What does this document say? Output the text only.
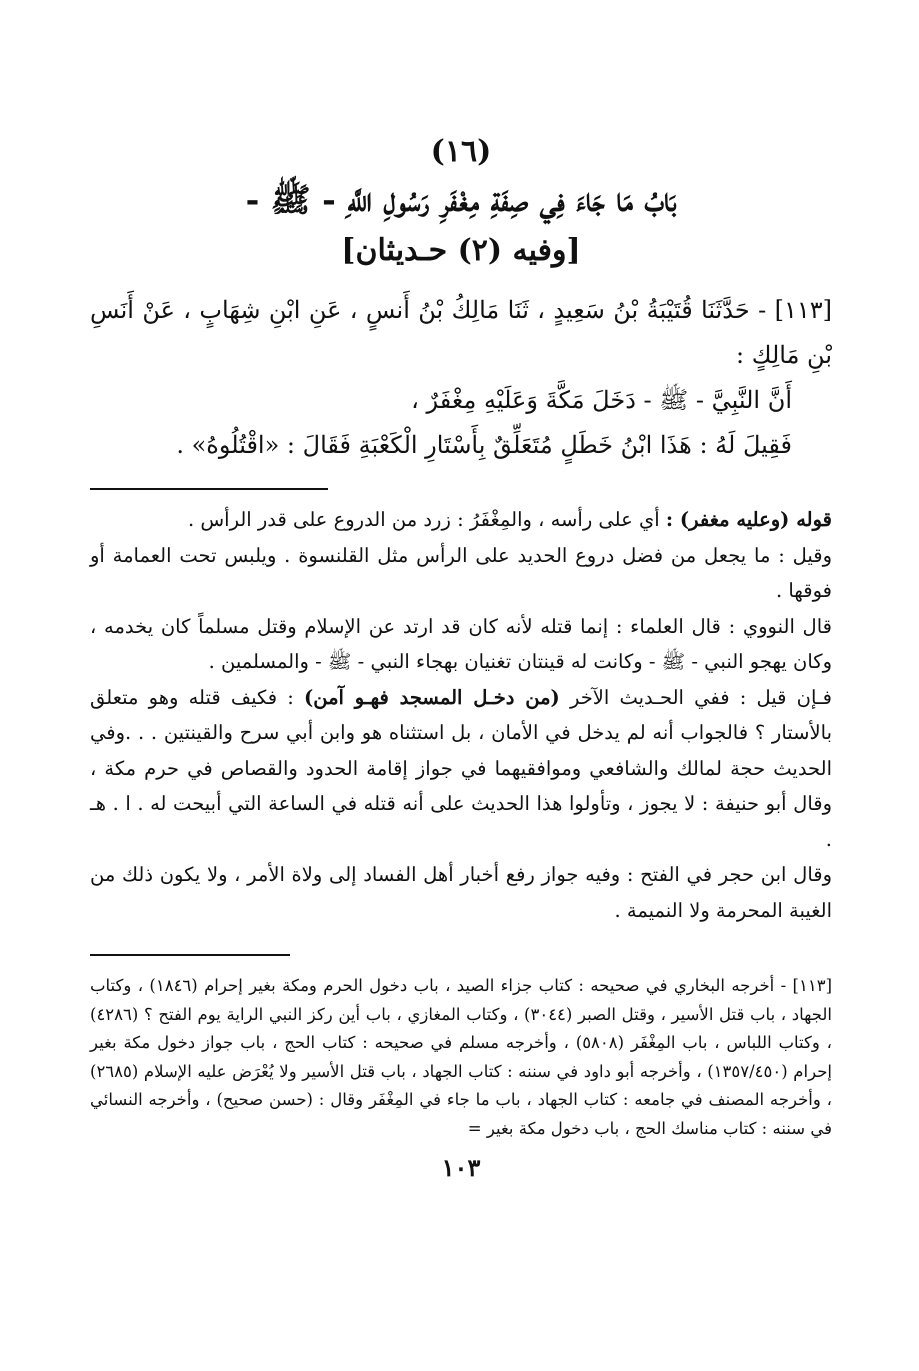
(١٦)
بَابُ مَا جَاءَ فِي صِفَةِ مِغْفَرِ رَسُولِ اللَّهِ - ﷺ -
[وفيه (٢) حـديثان]

[١١٣] - حَدَّثَنَا قُتَيْبَةُ بْنُ سَعِيدٍ ، ثَنَا مَالِكُ بْنُ أَنسٍ ، عَنِ ابْنِ شِهَابٍ ، عَنْ أَنَسِ بْنِ مَالِكٍ :

أَنَّ النَّبِيَّ - ﷺ - دَخَلَ مَكَّةَ وَعَلَيْهِ مِغْفَرٌ ،

فَقِيلَ لَهُ : هَذَا ابْنُ خَطَلٍ مُتَعَلِّقٌ بِأَسْتَارِ الْكَعْبَةِ فَقَالَ : «اقْتُلُوهُ» .

قوله (وعليه مغفر) : أي على رأسه ، والمِغْفَرُ : زرد من الدروع على قدر الرأس .

وقيل : ما يجعل من فضل دروع الحديد على الرأس مثل القلنسوة . ويلبس تحت العمامة أو فوقها .

قال النووي : قال العلماء : إنما قتله لأنه كان قد ارتد عن الإسلام وقتل مسلماً كان يخدمه ، وكان يهجو النبي - ﷺ - وكانت له قينتان تغنيان بهجاء النبي - ﷺ - والمسلمين .

فـإن قيل : ففي الحـديث الآخر (من دخـل المسجد فهـو آمن) : فكيف قتله وهو متعلق بالأستار ؟ فالجواب أنه لم يدخل في الأمان ، بل استثناه هو وابن أبي سرح والقينتين . . .وفي الحديث حجة لمالك والشافعي وموافقيهما في جواز إقامة الحدود والقصاص في حرم مكة ، وقال أبو حنيفة : لا يجوز ، وتأولوا هذا الحديث على أنه قتله في الساعة التي أبيحت له . ا . هـ .

وقال ابن حجر في الفتح : وفيه جواز رفع أخبار أهل الفساد إلى ولاة الأمر ، ولا يكون ذلك من الغيبة المحرمة ولا النميمة .

[١١٣] - أخرجه البخاري في صحيحه : كتاب جزاء الصيد ، باب دخول الحرم ومكة بغير إحرام (١٨٤٦) ، وكتاب الجهاد ، باب قتل الأسير ، وقتل الصبر (٣٠٤٤) ، وكتاب المغازي ، باب أين ركز النبي الراية يوم الفتح ؟ (٤٢٨٦) ، وكتاب اللباس ، باب المِغْفَر (٥٨٠٨) ، وأخرجه مسلم في صحيحه : كتاب الحج ، باب جواز دخول مكة بغير إحرام (١٣٥٧/٤٥٠) ، وأخرجه أبو داود في سننه : كتاب الجهاد ، باب قتل الأسير ولا يُعْرَض عليه الإسلام (٢٦٨٥) ، وأخرجه المصنف في جامعه : كتاب الجهاد ، باب ما جاء في المِغْفَر وقال : (حسن صحيح) ، وأخرجه النسائي في سننه : كتاب مناسك الحج ، باب دخول مكة بغير =

١٠٣
